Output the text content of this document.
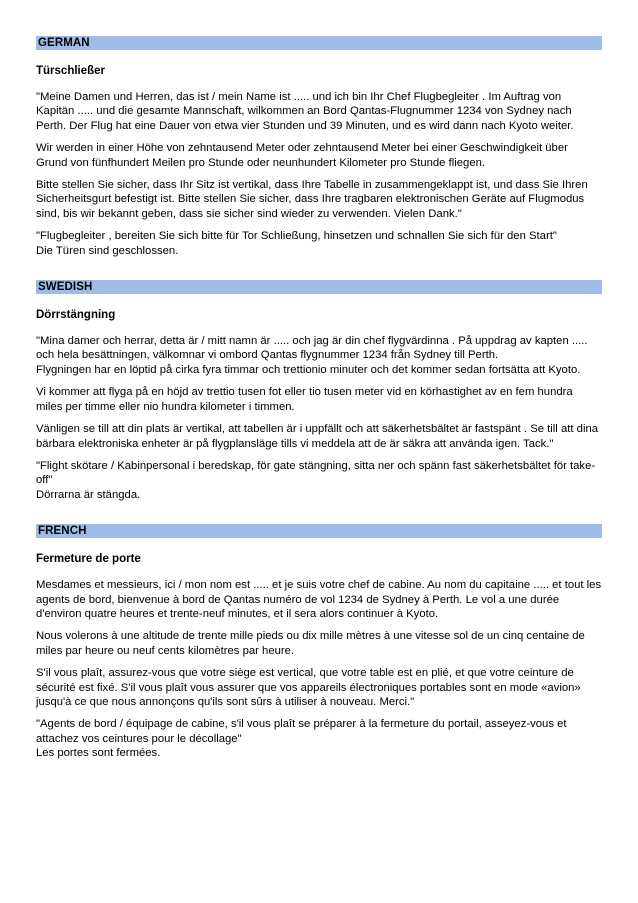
GERMAN
Türschließer

"Meine Damen und Herren, das ist / mein Name ist ..... und ich bin Ihr Chef Flugbegleiter . Im Auftrag von Kapitän ..... und die gesamte Mannschaft, wilkommen an Bord Qantas-Flugnummer 1234 von Sydney nach Perth. Der Flug hat eine Dauer von etwa vier Stunden und 39 Minuten, und es wird dann nach Kyoto weiter.

Wir werden in einer Höhe von zehntausend Meter oder zehntausend Meter bei einer Geschwindigkeit über Grund von fünfhundert Meilen pro Stunde oder neunhundert Kilometer pro Stunde fliegen.

Bitte stellen Sie sicher, dass Ihr Sitz ist vertikal, dass Ihre Tabelle in zusammengeklappt ist, und dass Sie Ihren Sicherheitsgurt befestigt ist. Bitte stellen Sie sicher, dass Ihre tragbaren elektronischen Geräte auf Flugmodus sind, bis wir bekannt geben, dass sie sicher sind wieder zu verwenden. Vielen Dank."

"Flugbegleiter , bereiten Sie sich bitte für Tor Schließung, hinsetzen und schnallen Sie sich für den Start"
Die Türen sind geschlossen.

SWEDISH
Dörrstängning

"Mina damer och herrar, detta är / mitt namn är ..... och jag är din chef flygvärdinna . På uppdrag av kapten ..... och hela besättningen, välkomnar vi ombord Qantas flygnummer 1234 från Sydney till Perth.
Flygningen har en löptid på cirka fyra timmar och trettionio minuter och det kommer sedan fortsätta att Kyoto.

Vi kommer att flyga på en höjd av trettio tusen fot eller tio tusen meter vid en körhastighet av en fem hundra miles per timme eller nio hundra kilometer i timmen.

Vänligen se till att din plats är vertikal, att tabellen är i uppfällt och att säkerhetsbältet är fastspänt . Se till att dina bärbara elektroniska enheter är på flygplansläge tills vi meddela att de är säkra att använda igen. Tack."

"Flight skötare / Kabinpersonal i beredskap, för gate stängning, sitta ner och spänn fast säkerhetsbältet för take-off"
Dörrarna är stängda.

FRENCH
Fermeture de porte

Mesdames et messieurs, ici / mon nom est ..... et je suis votre chef de cabine. Au nom du capitaine ..... et tout les agents de bord, bienvenue à bord de Qantas numéro de vol 1234 de Sydney à Perth. Le vol a une durée d'environ quatre heures et trente-neuf minutes, et il sera alors continuer à Kyoto.

Nous volerons à une altitude de trente mille pieds ou dix mille mètres à une vitesse sol de un cinq centaine de miles par heure ou neuf cents kilomètres par heure.

S'il vous plaît, assurez-vous que votre siège est vertical, que votre table est en plié, et que votre ceinture de sécurité est fixé. S'il vous plaît vous assurer que vos appareils électroniques portables sont en mode «avion» jusqu'à ce que nous annonçons qu'ils sont sûrs à utiliser à nouveau. Merci."

"Agents de bord / équipage de cabine, s'il vous plaît se préparer à la fermeture du portail, asseyez-vous et attachez vos ceintures pour le décollage"
Les portes sont fermées.
